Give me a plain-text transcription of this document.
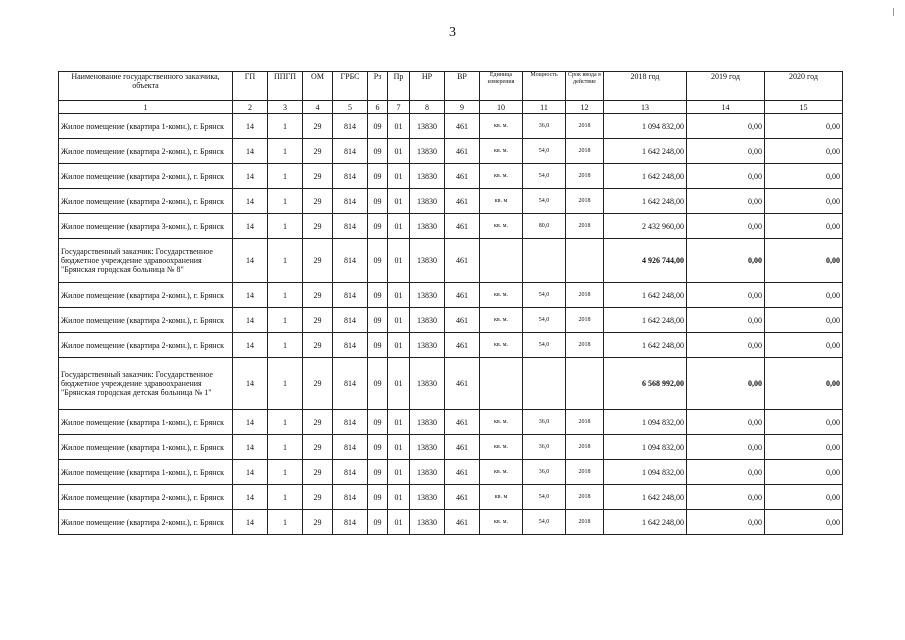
3
Наименование государственного заказчика, объекта	ГП	ППГП	ОМ	ГРБС	Рз	Пр	НР	ВР	Единица измерения	Мощность	Срок ввода в действие	2018 год	2019 год	2020 год
1	2	3	4	5	6	7	8	9	10	11	12	13	14	15
Жилое помещение (квартира 1-комн.), г. Брянск	14	1	29	814	09	01	13830	461	кв. м.	36,0	2018	1 094 832,00	0,00	0,00
Жилое помещение (квартира 2-комн.), г. Брянск	14	1	29	814	09	01	13830	461	кв. м.	54,0	2018	1 642 248,00	0,00	0,00
Жилое помещение (квартира 2-комн.), г. Брянск	14	1	29	814	09	01	13830	461	кв. м.	54,0	2018	1 642 248,00	0,00	0,00
Жилое помещение (квартира 2-комн.), г. Брянск	14	1	29	814	09	01	13830	461	кв. м	54,0	2018	1 642 248,00	0,00	0,00
Жилое помещение (квартира 3-комн.), г. Брянск	14	1	29	814	09	01	13830	461	кв. м.	80,0	2018	2 432 960,00	0,00	0,00
Государственный заказчик: Государственное бюджетное учреждение здравоохранения "Брянская городская больница № 8"	14	1	29	814	09	01	13830	461				4 926 744,00	0,00	0,00
Жилое помещение (квартира 2-комн.), г. Брянск	14	1	29	814	09	01	13830	461	кв. м.	54,0	2018	1 642 248,00	0,00	0,00
Жилое помещение (квартира 2-комн.), г. Брянск	14	1	29	814	09	01	13830	461	кв. м.	54,0	2018	1 642 248,00	0,00	0,00
Жилое помещение (квартира 2-комн.), г. Брянск	14	1	29	814	09	01	13830	461	кв. м.	54,0	2018	1 642 248,00	0,00	0,00
Государственный заказчик: Государственное бюджетное учреждение здравоохранения "Брянская городская детская больница № 1"	14	1	29	814	09	01	13830	461				6 568 992,00	0,00	0,00
Жилое помещение (квартира 1-комн.), г. Брянск	14	1	29	814	09	01	13830	461	кв. м.	36,0	2018	1 094 832,00	0,00	0,00
Жилое помещение (квартира 1-комн.), г. Брянск	14	1	29	814	09	01	13830	461	кв. м.	36,0	2018	1 094 832,00	0,00	0,00
Жилое помещение (квартира 1-комн.), г. Брянск	14	1	29	814	09	01	13830	461	кв. м.	36,0	2018	1 094 832,00	0,00	0,00
Жилое помещение (квартира 2-комн.), г. Брянск	14	1	29	814	09	01	13830	461	кв. м	54,0	2018	1 642 248,00	0,00	0,00
Жилое помещение (квартира 2-комн.), г. Брянск	14	1	29	814	09	01	13830	461	кв. м.	54,0	2018	1 642 248,00	0,00	0,00
